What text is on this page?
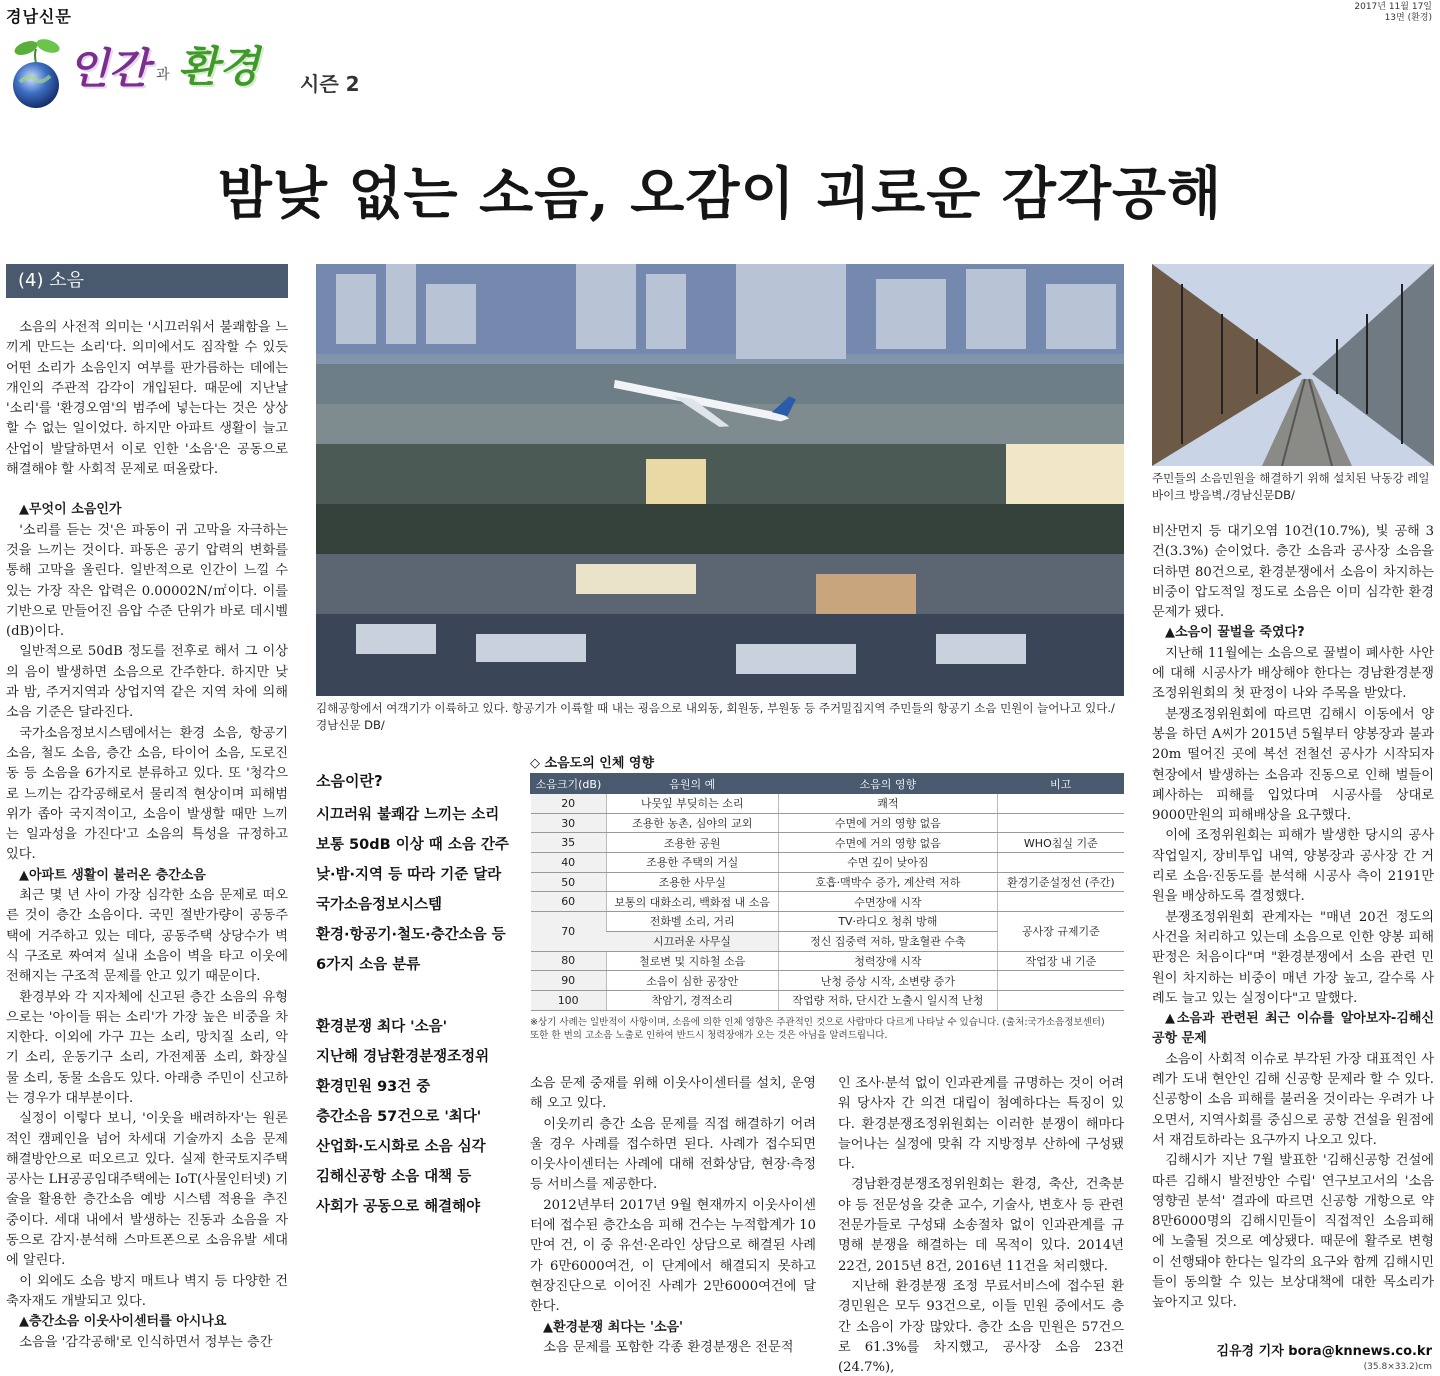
경남신문	2017년 11월 17일
13면 (환경)
인간 과 환경 시즌 2
밤낮 없는 소음, 오감이 괴로운 감각공해
(4) 소음

소음의 사전적 의미는 '시끄러워서 불쾌함을 느끼게 만드는 소리'다. 의미에서도 짐작할 수 있듯 어떤 소리가 소음인지 여부를 판가름하는 데에는 개인의 주관적 감각이 개입된다. 때문에 지난날 '소리'를 '환경오염'의 범주에 넣는다는 것은 상상할 수 없는 일이었다. 하지만 아파트 생활이 늘고 산업이 발달하면서 이로 인한 '소음'은 공동으로 해결해야 할 사회적 문제로 떠올랐다.

▲ 무엇이 소음인가

'소리를 듣는 것'은 파동이 귀 고막을 자극하는 것을 느끼는 것이다. 파동은 공기 압력의 변화를 통해 고막을 울린다. 일반적으로 인간이 느낄 수 있는 가장 작은 압력은 0.00002N/㎡이다. 이를 기반으로 만들어진 음압 수준 단위가 바로 데시벨(dB)이다.

일반적으로 50dB 정도를 전후로 해서 그 이상의 음이 발생하면 소음으로 간주한다. 하지만 낮과 밤, 주거지역과 상업지역 같은 지역 차에 의해 소음 기준은 달라진다.

국가소음정보시스템에서는 환경 소음, 항공기 소음, 철도 소음, 층간 소음, 타이어 소음, 도로진동 등 소음을 6가지로 분류하고 있다. 또 '청각으로 느끼는 감각공해로서 물리적 현상이며 피해범위가 좁아 국지적이고, 소음이 발생할 때만 느끼는 일과성을 가진다'고 소음의 특성을 규정하고 있다.

▲ 아파트 생활이 불러온 층간소음

최근 몇 년 사이 가장 심각한 소음 문제로 떠오른 것이 층간 소음이다. 국민 절반가량이 공동주택에 거주하고 있는 데다, 공동주택 상당수가 벽식 구조로 짜여져 실내 소음이 벽을 타고 이웃에 전해지는 구조적 문제를 안고 있기 때문이다.

환경부와 각 지자체에 신고된 층간 소음의 유형으로는 '아이들 뛰는 소리'가 가장 높은 비중을 차지한다. 이외에 가구 끄는 소리, 망치질 소리, 악기 소리, 운동기구 소리, 가전제품 소리, 화장실 물 소리, 동물 소음도 있다. 아래층 주민이 신고하는 경우가 대부분이다.

실정이 이렇다 보니, '이웃을 배려하자'는 원론적인 캠페인을 넘어 차세대 기술까지 소음 문제 해결방안으로 떠오르고 있다. 실제 한국토지주택공사는 LH공공임대주택에는 IoT(사물인터넷) 기술을 활용한 층간소음 예방 시스템 적용을 추진 중이다. 세대 내에서 발생하는 진동과 소음을 자동으로 감지·분석해 스마트폰으로 소음유발 세대에 알린다.

이 외에도 소음 방지 매트나 벽지 등 다양한 건축자재도 개발되고 있다.

▲ 층간소음 이웃사이센터를 아시나요

소음을 '감각공해'로 인식하면서 정부는 층간

김해공항에서 여객기가 이륙하고 있다. 항공기가 이륙할 때 내는 굉음으로 내외동, 회원동, 부원동 등 주거밀집지역 주민들의 항공기 소음 민원이 늘어나고 있다./경남신문 DB/
주민들의 소음민원을 해결하기 위해 설치된 낙동강 레일바이크 방음벽./경남신문DB/
소음이란?
시끄러워 불쾌감 느끼는 소리
보통 50dB 이상 때 소음 간주
낮·밤·지역 등 따라 기준 달라
국가소음정보시스템
환경·항공기·철도·층간소음 등
6가지 소음 분류
환경분쟁 최다 '소음'
지난해 경남환경분쟁조정위
환경민원 93건 중
층간소음 57건으로 '최다'
산업화·도시화로 소음 심각
김해신공항 소음 대책 등
사회가 공동으로 해결해야
◇ 소음도의 인체 영향
소음크기(dB)	음원의 예	소음의 영향	비고
20	나뭇잎 부딪히는 소리	쾌적	
30	조용한 농촌, 심야의 교외	수면에 거의 영향 없음	
35	조용한 공원	수면에 거의 영향 없음	WHO침실 기준
40	조용한 주택의 거실	수면 깊이 낮아짐	
50	조용한 사무실	호흡·맥박수 증가, 계산력 저하	환경기준설정선 (주간)
60	보통의 대화소리, 백화점 내 소음	수면장애 시작	
70	전화벨 소리, 거리	TV·라디오 청취 방해	공사장 규제기준
	시끄러운 사무실	정신 집중력 저하, 말초혈관 수축	
80	철로변 및 지하철 소음	청력장애 시작	작업장 내 기준
90	소음이 심한 공장안	난청 증상 시작, 소변량 증가	
100	착암기, 경적소리	작업량 저하, 단시간 노출시 일시적 난청	
※상기 사례는 일반적이 사항이며, 소음에 의한 인체 영향은 주관적인 것으로 사람마다 다르게 나타날 수 있습니다. (출처:국가소음정보센터)
또한 한 번의 고소음 노출로 인하여 반드시 청력장애가 오는 것은 아님을 알려드립니다.

소음 문제 중재를 위해 이웃사이센터를 설치, 운영해 오고 있다.

이웃끼리 층간 소음 문제를 직접 해결하기 어려울 경우 사례를 접수하면 된다. 사례가 접수되면 이웃사이센터는 사례에 대해 전화상담, 현장·측정 등 서비스를 제공한다.

2012년부터 2017년 9월 현재까지 이웃사이센터에 접수된 층간소음 피해 건수는 누적합계가 10만여 건, 이 중 유선·온라인 상담으로 해결된 사례가 6만6000여건, 이 단계에서 해결되지 못하고 현장진단으로 이어진 사례가 2만6000여건에 달한다.

▲ 환경분쟁 최다는 '소음'

소음 문제를 포함한 각종 환경분쟁은 전문적

인 조사·분석 없이 인과관계를 규명하는 것이 어려워 당사자 간 의견 대립이 첨예하다는 특징이 있다. 환경분쟁조정위원회는 이러한 분쟁이 해마다 늘어나는 실정에 맞춰 각 지방정부 산하에 구성됐다.

경남환경분쟁조정위원회는 환경, 축산, 건축분야 등 전문성을 갖춘 교수, 기술사, 변호사 등 관련전문가들로 구성돼 소송절차 없이 인과관계를 규명해 분쟁을 해결하는 데 목적이 있다. 2014년 22건, 2015년 8건, 2016년 11건을 처리했다.

지난해 환경분쟁 조정 무료서비스에 접수된 환경민원은 모두 93건으로, 이들 민원 중에서도 층간 소음이 가장 많았다. 층간 소음 민원은 57건으로 61.3%를 차지했고, 공사장 소음 23건(24.7%),

비산먼지 등 대기오염 10건(10.7%), 빛 공해 3건(3.3%) 순이었다. 층간 소음과 공사장 소음을 더하면 80건으로, 환경분쟁에서 소음이 차지하는 비중이 압도적일 정도로 소음은 이미 심각한 환경문제가 됐다.

▲ 소음이 꿀벌을 죽였다?

지난해 11월에는 소음으로 꿀벌이 폐사한 사안에 대해 시공사가 배상해야 한다는 경남환경분쟁조정위원회의 첫 판정이 나와 주목을 받았다.

분쟁조정위원회에 따르면 김해시 이동에서 양봉을 하던 A씨가 2015년 5월부터 양봉장과 불과 20m 떨어진 곳에 복선 전철선 공사가 시작되자 현장에서 발생하는 소음과 진동으로 인해 벌들이 폐사하는 피해를 입었다며 시공사를 상대로 9000만원의 피해배상을 요구했다.

이에 조정위원회는 피해가 발생한 당시의 공사 작업일지, 장비투입 내역, 양봉장과 공사장 간 거리로 소음·진동도를 분석해 시공사 측이 2191만원을 배상하도록 결정했다.

분쟁조정위원회 관계자는 "매년 20건 정도의 사건을 처리하고 있는데 소음으로 인한 양봉 피해 판정은 처음이다"며 "환경분쟁에서 소음 관련 민원이 차지하는 비중이 매년 가장 높고, 갈수록 사례도 늘고 있는 실정이다"고 말했다.

▲ 소음과 관련된 최근 이슈를 알아보자-김해신공항 문제

소음이 사회적 이슈로 부각된 가장 대표적인 사례가 도내 현안인 김해 신공항 문제라 할 수 있다. 신공항이 소음 피해를 불러올 것이라는 우려가 나오면서, 지역사회를 중심으로 공항 건설을 원점에서 재검토하라는 요구까지 나오고 있다.

김해시가 지난 7월 발표한 '김해신공항 건설에 따른 김해시 발전방안 수립' 연구보고서의 '소음영향권 분석' 결과에 따르면 신공항 개항으로 약 8만6000명의 김해시민들이 직접적인 소음피해에 노출될 것으로 예상됐다. 때문에 활주로 변형이 선행돼야 한다는 일각의 요구와 함께 김해시민들이 동의할 수 있는 보상대책에 대한 목소리가 높아지고 있다.

김유경 기자 bora@knnews.co.kr
(35.8×33.2)cm
